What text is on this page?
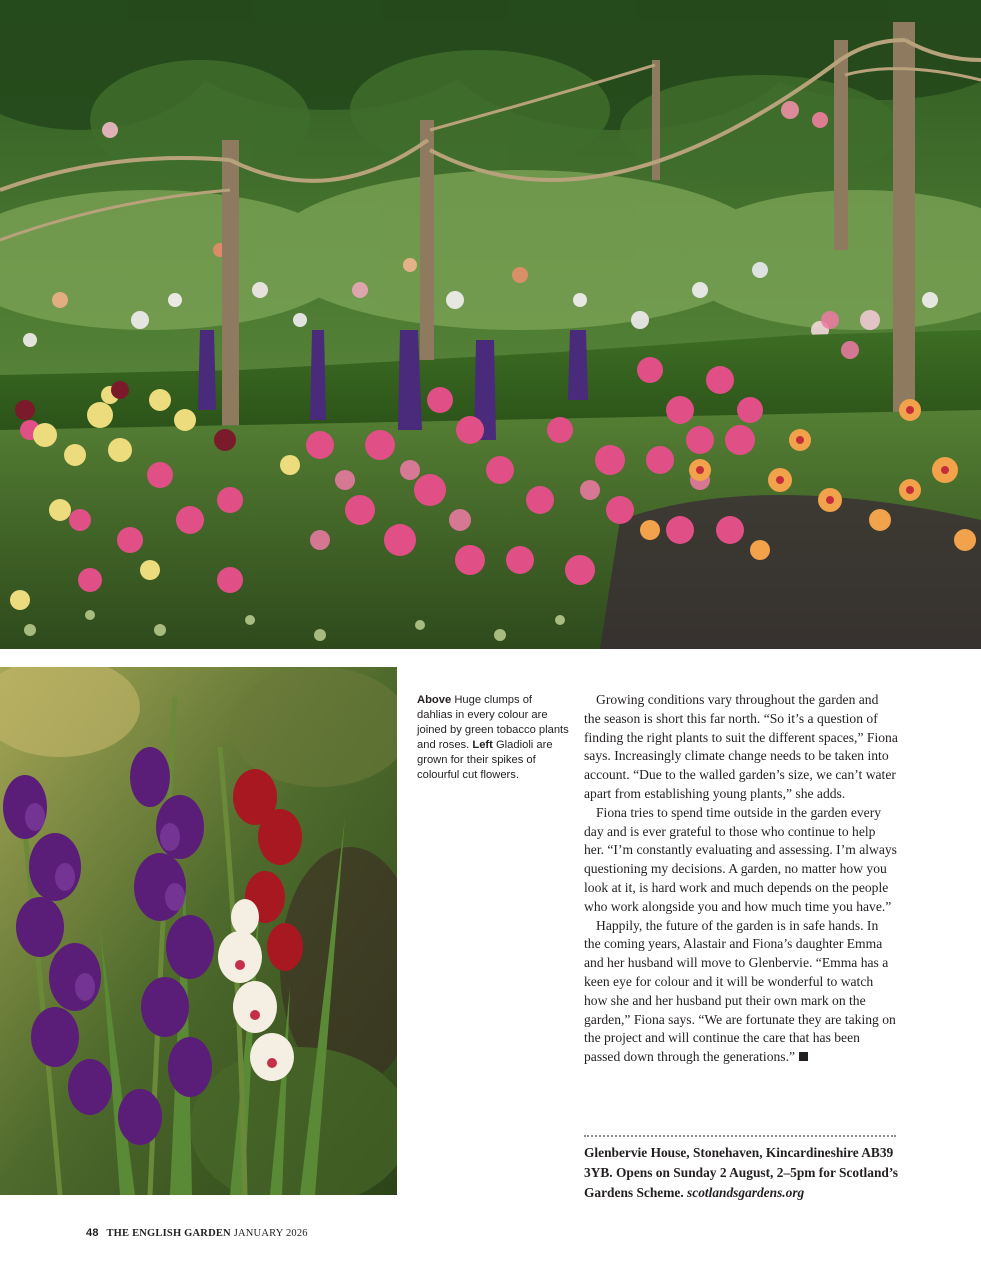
Above Huge clumps of dahlias in every colour are joined by green tobacco plants and roses. Left Gladioli are grown for their spikes of colourful cut flowers.

Growing conditions vary throughout the garden and the season is short this far north. “So it’s a question of finding the right plants to suit the different spaces,” Fiona says. Increasingly climate change needs to be taken into account. “Due to the walled garden’s size, we can’t water apart from establishing young plants,” she adds.

Fiona tries to spend time outside in the garden every day and is ever grateful to those who continue to help her. “I’m constantly evaluating and assessing. I’m always questioning my decisions. A garden, no matter how you look at it, is hard work and much depends on the people who work alongside you and how much time you have.”

Happily, the future of the garden is in safe hands. In the coming years, Alastair and Fiona’s daughter Emma and her husband will move to Glenbervie. “Emma has a keen eye for colour and it will be wonderful to watch how she and her husband put their own mark on the garden,” Fiona says. “We are fortunate they are taking on the project and will continue the care that has been passed down through the generations.”

Glenbervie House, Stonehaven, Kincardineshire AB39 3YB. Opens on Sunday 2 August, 2–5pm for Scotland’s Gardens Scheme. scotlandsgardens.org
48 THE ENGLISH GARDEN JANUARY 2026
